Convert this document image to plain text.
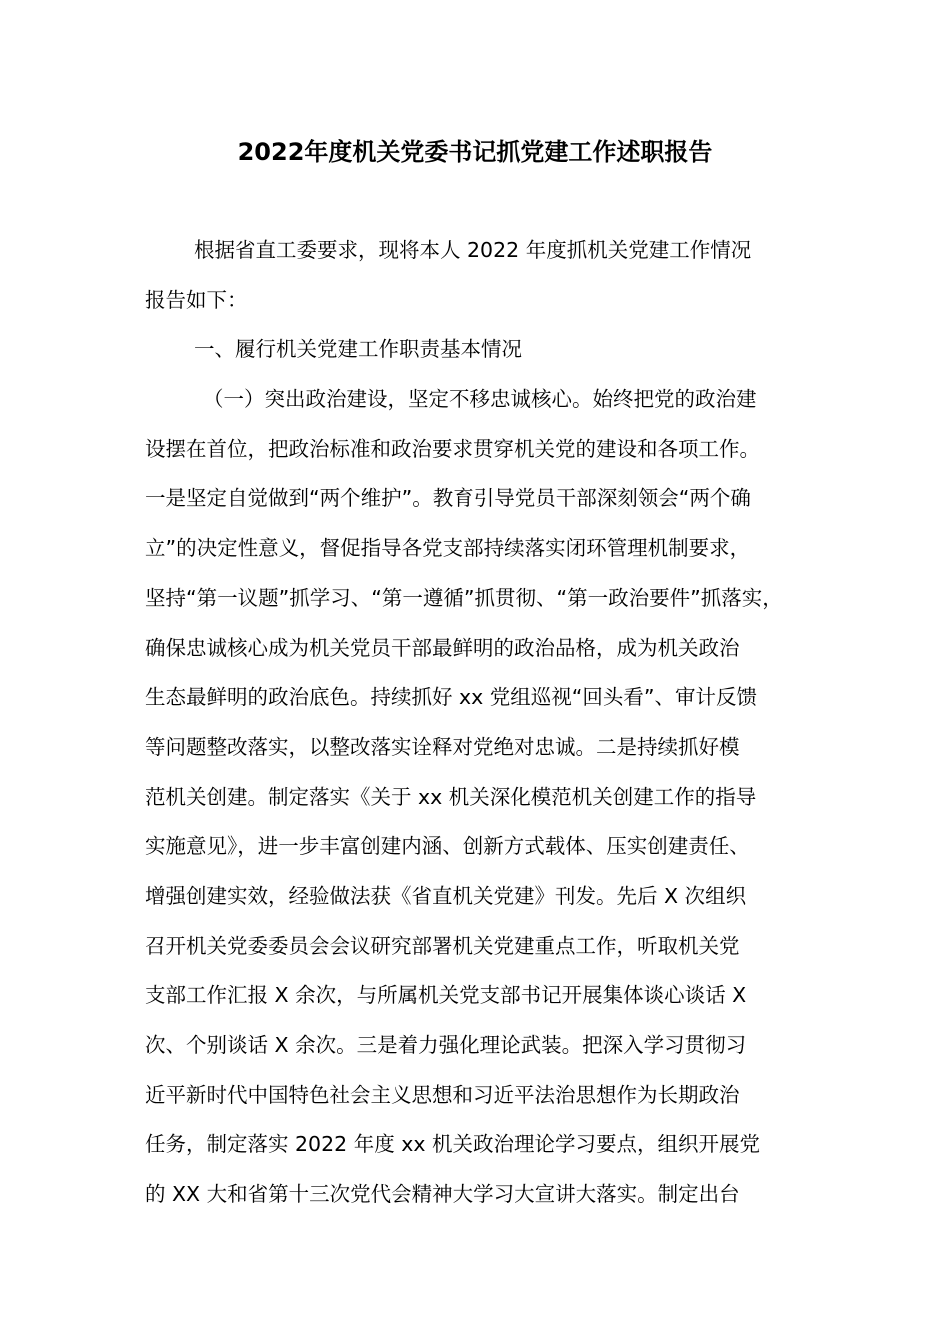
2022年度机关党委书记抓党建工作述职报告
根据省直工委要求，现将本人 2022 年度抓机关党建工作情况
报告如下：
一、履行机关党建工作职责基本情况
（一）突出政治建设，坚定不移忠诚核心。始终把党的政治建
设摆在首位，把政治标准和政治要求贯穿机关党的建设和各项工作。
一是坚定自觉做到“两个维护”。教育引导党员干部深刻领会“两个确
立”的决定性意义，督促指导各党支部持续落实闭环管理机制要求，
坚持“第一议题”抓学习、“第一遵循”抓贯彻、“第一政治要件”抓落实，
确保忠诚核心成为机关党员干部最鲜明的政治品格，成为机关政治
生态最鲜明的政治底色。持续抓好 xx 党组巡视“回头看”、审计反馈
等问题整改落实，以整改落实诠释对党绝对忠诚。二是持续抓好模
范机关创建。制定落实《关于 xx 机关深化模范机关创建工作的指导
实施意见》，进一步丰富创建内涵、创新方式载体、压实创建责任、
增强创建实效，经验做法获《省直机关党建》刊发。先后 X 次组织
召开机关党委委员会会议研究部署机关党建重点工作，听取机关党
支部工作汇报 X 余次，与所属机关党支部书记开展集体谈心谈话 X
次、个别谈话 X 余次。三是着力强化理论武装。把深入学习贯彻习
近平新时代中国特色社会主义思想和习近平法治思想作为长期政治
任务，制定落实 2022 年度 xx 机关政治理论学习要点，组织开展党
的 XX 大和省第十三次党代会精神大学习大宣讲大落实。制定出台
